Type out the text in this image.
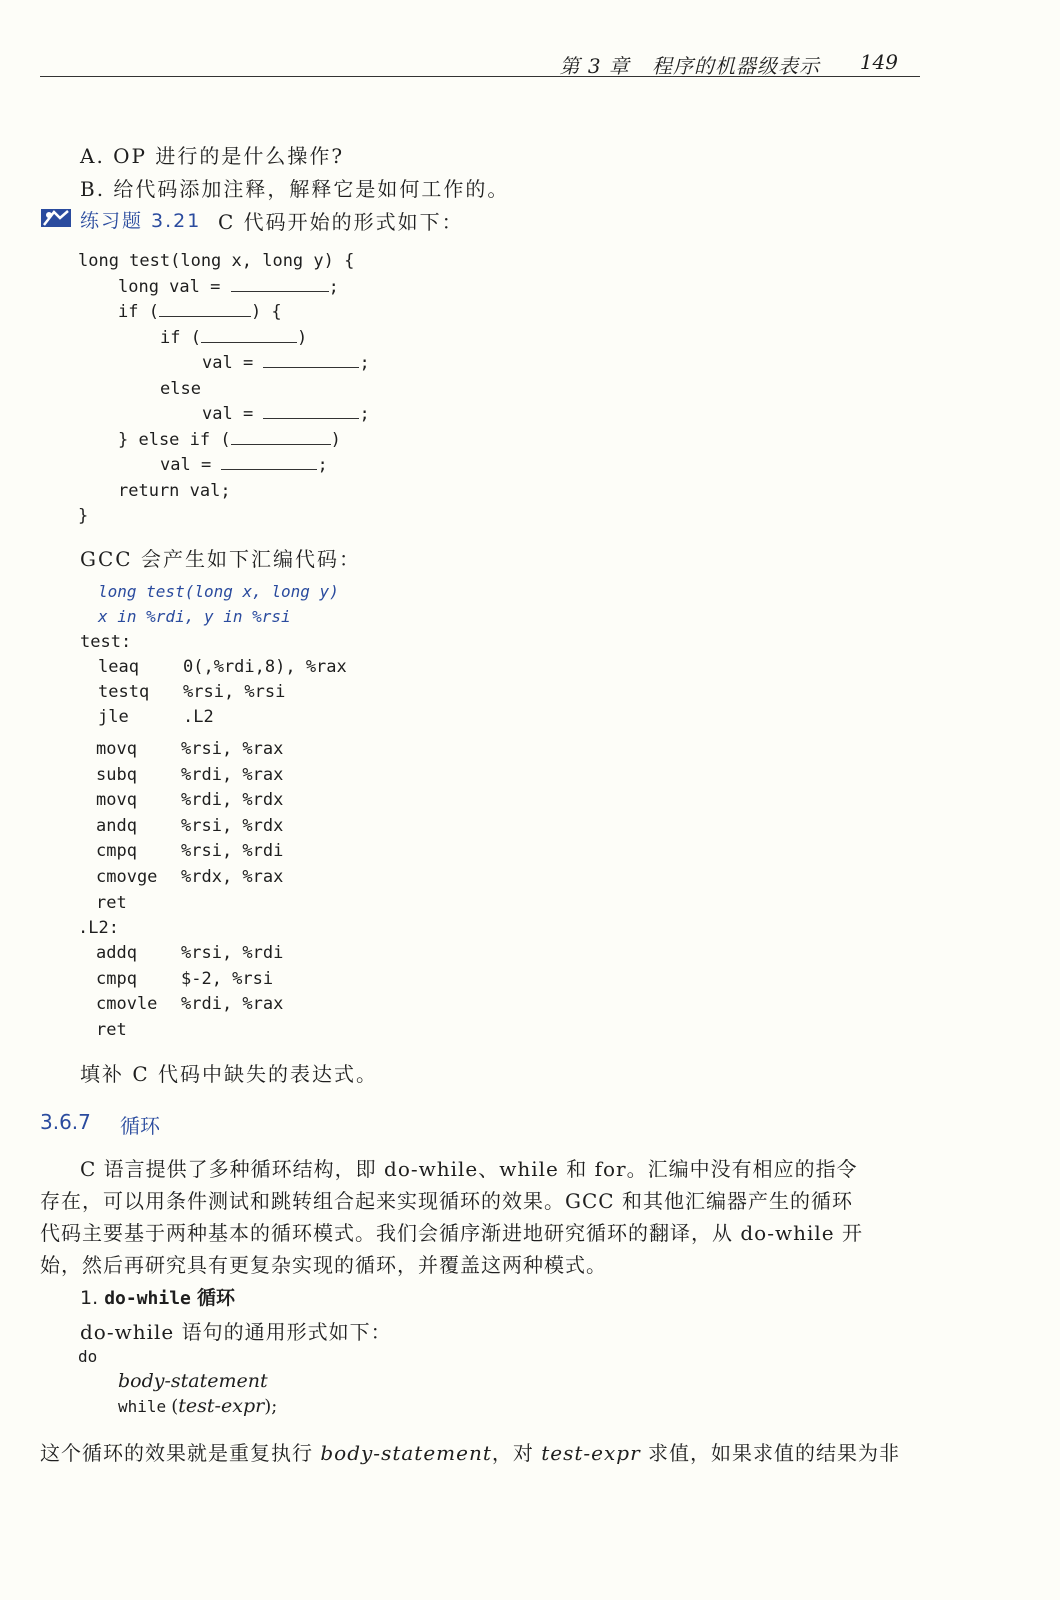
第 3 章   程序的机器级表示

149

A. OP 进行的是什么操作?
B. 给代码添加注释，解释它是如何工作的。
练习题 3.21 C 代码开始的形式如下：
long test(long x, long y) {
long val =	;
if (	) {
if (	)
val =	;
else
val =	;
} else if (	)
val =	;
return val;
}
GCC 会产生如下汇编代码：
long test(long x, long y)
x in %rdi, y in %rsi
test:
leaq	0(,%rdi,8), %rax
testq %rsi, %rsi
jle	.L2
movq	%rsi, %rax
subq	%rdi, %rax
movq	%rdi, %rdx
andq	%rsi, %rdx
cmpq	%rsi, %rdi
cmovge %rdx, %rax
ret
.L2:
addq	%rsi, %rdi
cmpq	$-2, %rsi
cmovle %rdi, %rax
ret
填补 C 代码中缺失的表达式。
3.6.7 循环
C 语言提供了多种循环结构，即 do-while、while 和 for。汇编中没有相应的指令
存在，可以用条件测试和跳转组合起来实现循环的效果。GCC 和其他汇编器产生的循环
代码主要基于两种基本的循环模式。我们会循序渐进地研究循环的翻译，从 do-while 开
始，然后再研究具有更复杂实现的循环，并覆盖这两种模式。
1. do-while 循环
do-while 语句的通用形式如下：
do
body-statement
while (test-expr);
这个循环的效果就是重复执行 body-statement，对 test-expr 求值，如果求值的结果为非
